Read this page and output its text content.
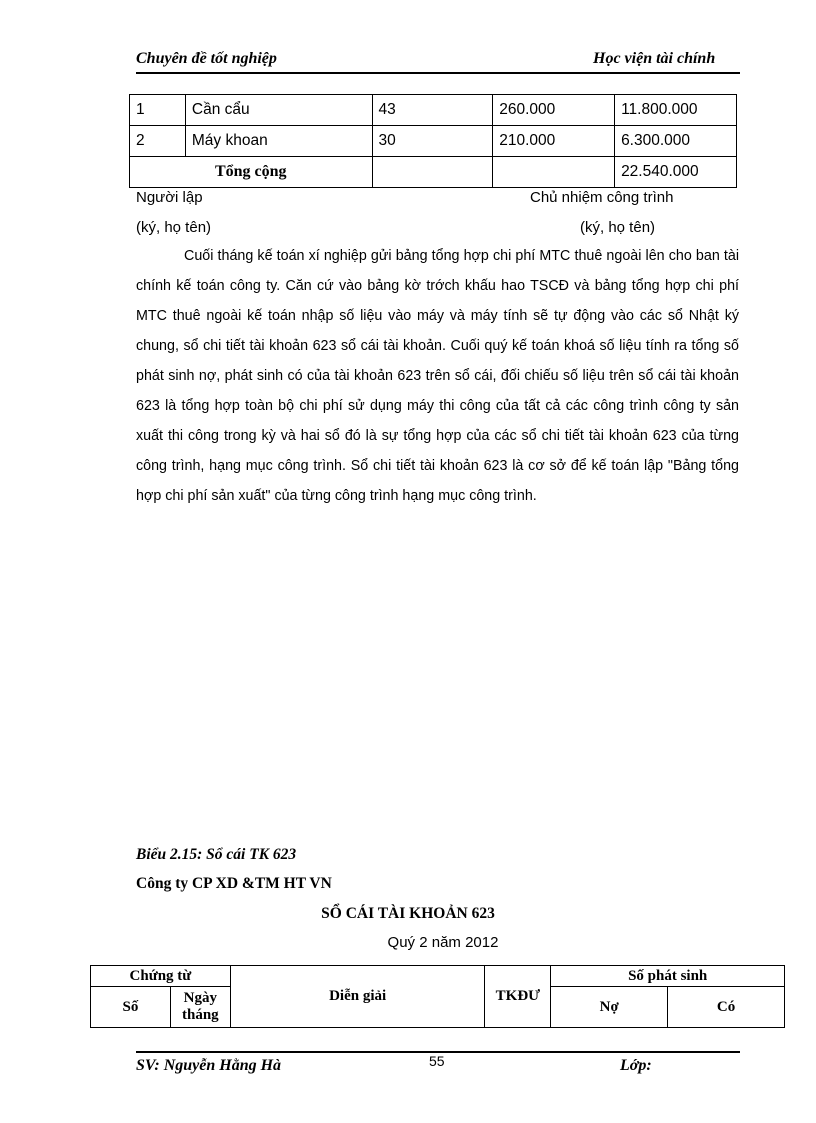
Chuyên đề tốt nghiệp	Học viện tài chính
1	Cần cẩu	43	260.000	11.800.000
2	Máy khoan	30	210.000	6.300.000
Tổng cộng				22.540.000
Người lập
(ký, họ tên)
Chủ nhiệm công trình
(ký, họ tên)

Cuối tháng kế toán xí nghiệp gửi bảng tổng hợp chi phí MTC thuê ngoài lên cho ban tài chính kế toán công ty. Căn cứ vào bảng kờ trớch khấu hao TSCĐ và bảng tổng hợp chi phí MTC thuê ngoài kế toán nhập số liệu vào máy và máy tính sẽ tự động vào các sổ Nhật ký chung, sổ chi tiết tài khoản 623 sổ cái tài khoản. Cuối quý kế toán khoá số liệu tính ra tổng số phát sinh nợ, phát sinh có của tài khoản 623 trên sổ cái, đối chiếu số liệu trên sổ cái tài khoản 623 là tổng hợp toàn bộ chi phí sử dụng máy thi công của tất cả các công trình công ty sản xuất thi công trong kỳ và hai sổ đó là sự tổng hợp của các sổ chi tiết tài khoản 623 của từng công trình, hạng mục công trình. Sổ chi tiết tài khoản 623 là cơ sở để kế toán lập "Bảng tổng hợp chi phí sản xuất" của từng công trình hạng mục công trình.

Biểu 2.15: Sổ cái TK 623
Công ty CP XD &TM HT VN
SỔ CÁI TÀI KHOẢN 623
Quý 2 năm 2012
Chứng từ		Diễn giải	TKĐƯ	Số phát sinh	
Số	Ngày tháng			Nợ	Có
SV: Nguyễn Hằng Hà	55	Lớp:
